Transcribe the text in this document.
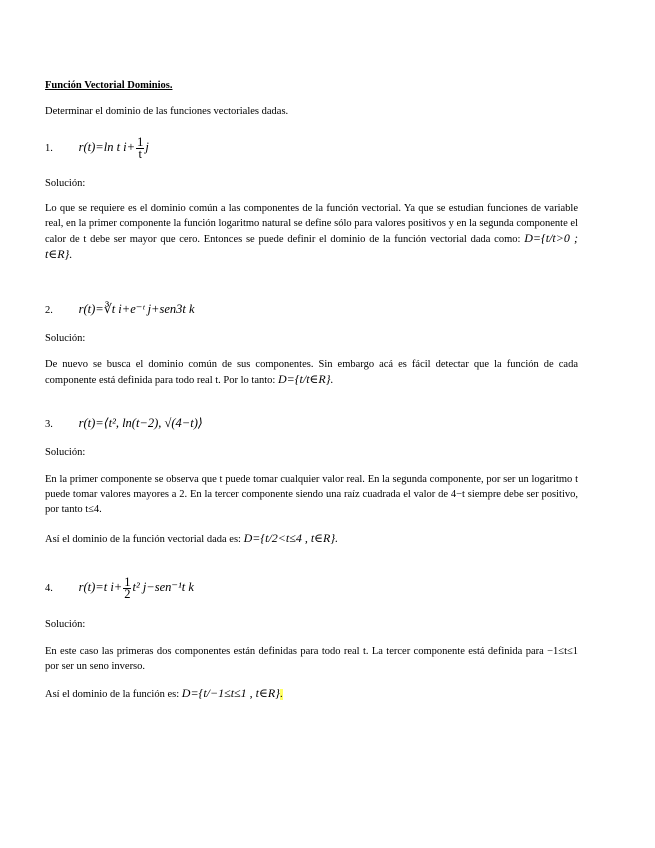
Función Vectorial Dominios.
Determinar el dominio de las funciones vectoriales dadas.
1. r(t)=ln t $i+ \frac{1}{t}$ j
Solución:
Lo que se requiere es el dominio común a las componentes de la función vectorial. Ya que se estudian funciones de variable real, en la primer componente la función logaritmo natural se define sólo para valores positivos y en la segunda componente el calor de t debe ser mayor que cero. Entonces se puede definir el dominio de la función vectorial dada como: D={t/t>0 ; t∈R}.
2. r(t)=∛t i+e⁻ᵗ j+sen3t k
Solución:
De nuevo se busca el dominio común de sus componentes. Sin embargo acá es fácil detectar que la función de cada componente está definida para todo real t. Por lo tanto: D={t/t∈R}.
3. r(t)=⟨t², ln(t−2), √(4−t)⟩
Solución:
En la primer componente se observa que t puede tomar cualquier valor real. En la segunda componente, por ser un logaritmo t puede tomar valores mayores a 2. En la tercer componente siendo una raíz cuadrada el valor de 4−t siempre debe ser positivo, por tanto t≤4.
Así el dominio de la función vectorial dada es: D={t/2<t≤4 , t∈R}.
4. r(t)=t $i+ \frac{1}{2} t^2$ j−sen⁻¹t k
Solución:
En este caso las primeras dos componentes están definidas para todo real t. La tercer componente está definida para −1≤t≤1 por ser un seno inverso.
Así el dominio de la función es: D={t/−1≤t≤1 , t∈R}.
